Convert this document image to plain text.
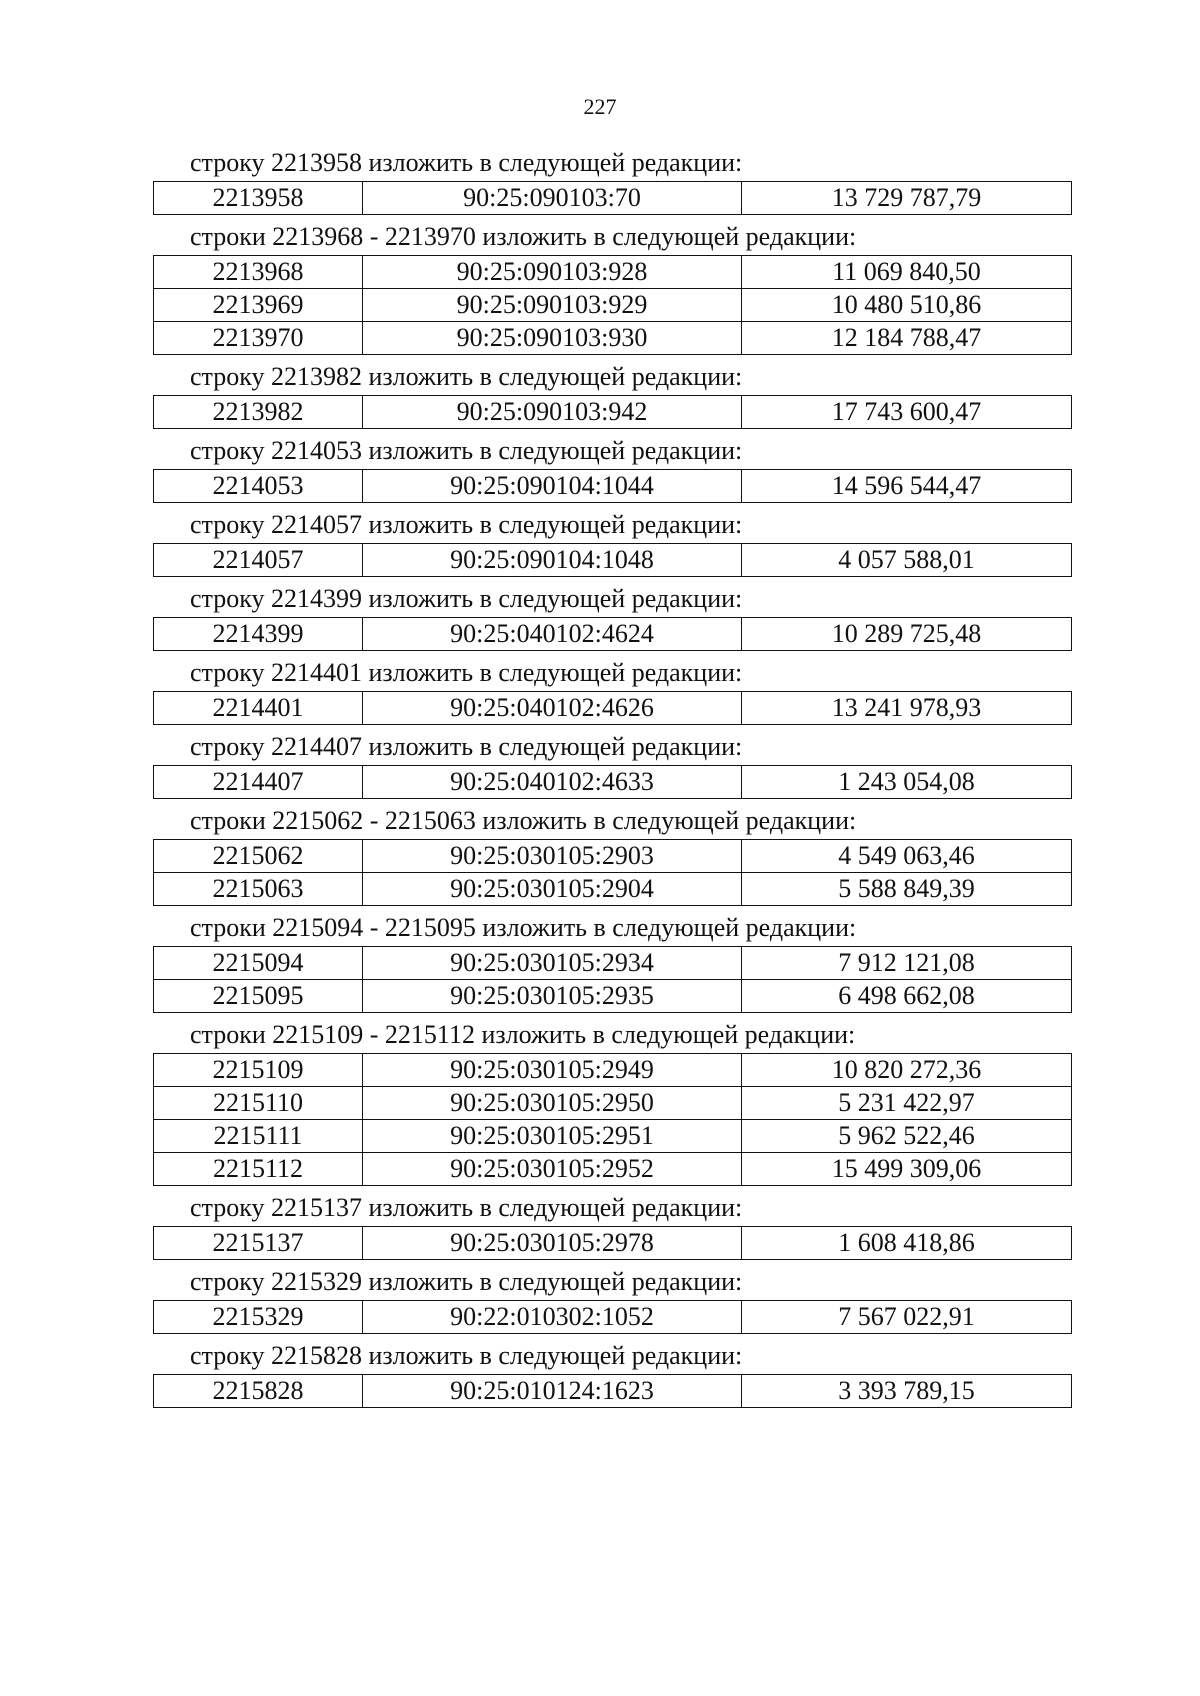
227
строку 2213958 изложить в следующей редакции:
2213958	90:25:090103:70	13 729 787,79
строки 2213968 - 2213970 изложить в следующей редакции:
2213968	90:25:090103:928	11 069 840,50
2213969	90:25:090103:929	10 480 510,86
2213970	90:25:090103:930	12 184 788,47
строку 2213982 изложить в следующей редакции:
2213982	90:25:090103:942	17 743 600,47
строку 2214053 изложить в следующей редакции:
2214053	90:25:090104:1044	14 596 544,47
строку 2214057 изложить в следующей редакции:
2214057	90:25:090104:1048	4 057 588,01
строку 2214399 изложить в следующей редакции:
2214399	90:25:040102:4624	10 289 725,48
строку 2214401 изложить в следующей редакции:
2214401	90:25:040102:4626	13 241 978,93
строку 2214407 изложить в следующей редакции:
2214407	90:25:040102:4633	1 243 054,08
строки 2215062 - 2215063 изложить в следующей редакции:
2215062	90:25:030105:2903	4 549 063,46
2215063	90:25:030105:2904	5 588 849,39
строки 2215094 - 2215095 изложить в следующей редакции:
2215094	90:25:030105:2934	7 912 121,08
2215095	90:25:030105:2935	6 498 662,08
строки 2215109 - 2215112 изложить в следующей редакции:
2215109	90:25:030105:2949	10 820 272,36
2215110	90:25:030105:2950	5 231 422,97
2215111	90:25:030105:2951	5 962 522,46
2215112	90:25:030105:2952	15 499 309,06
строку 2215137 изложить в следующей редакции:
2215137	90:25:030105:2978	1 608 418,86
строку 2215329 изложить в следующей редакции:
2215329	90:22:010302:1052	7 567 022,91
строку 2215828 изложить в следующей редакции:
2215828	90:25:010124:1623	3 393 789,15
